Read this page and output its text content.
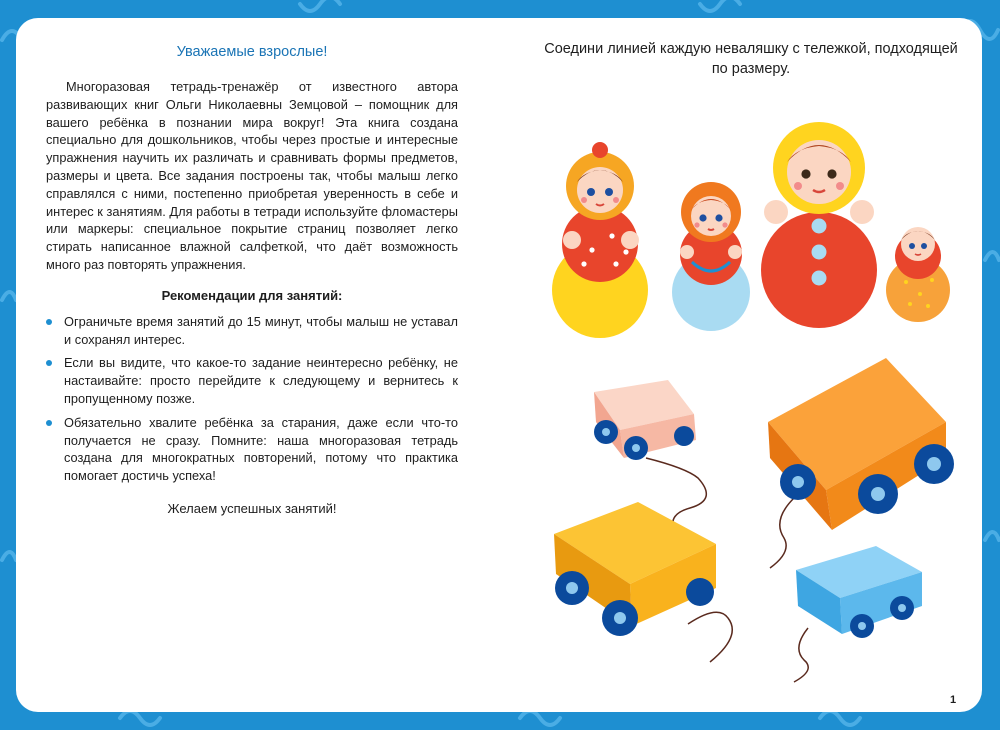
Уважаемые взрослые!
Многоразовая тетрадь-тренажёр от известного автора развивающих книг Ольги Николаевны Земцовой – помощник для вашего ребёнка в познании мира вокруг! Эта книга создана специально для дошкольников, чтобы через простые и интересные упражнения научить их различать и сравнивать формы предметов, размеры и цвета. Все задания построены так, чтобы малыш легко справлялся с ними, постепенно приобретая уверенность в себе и интерес к занятиям. Для работы в тетради используйте фломастеры или маркеры: специальное покрытие страниц позволяет легко стирать написанное влажной салфеткой, что даёт возможность много раз повторять упражнения.
Рекомендации для занятий:
Ограничьте время занятий до 15 минут, чтобы малыш не уставал и сохранял интерес.
Если вы видите, что какое-то задание неинтересно ребёнку, не настаивайте: просто перейдите к следующему и вернитесь к пропущенному позже.
Обязательно хвалите ребёнка за старания, даже если что-то получается не сразу. Помните: наша многоразовая тетрадь создана для многократных повторений, потому что практика помогает достичь успеха!
Желаем успешных занятий!
Соедини линией каждую неваляшку с тележкой, подходящей по размеру.
1
